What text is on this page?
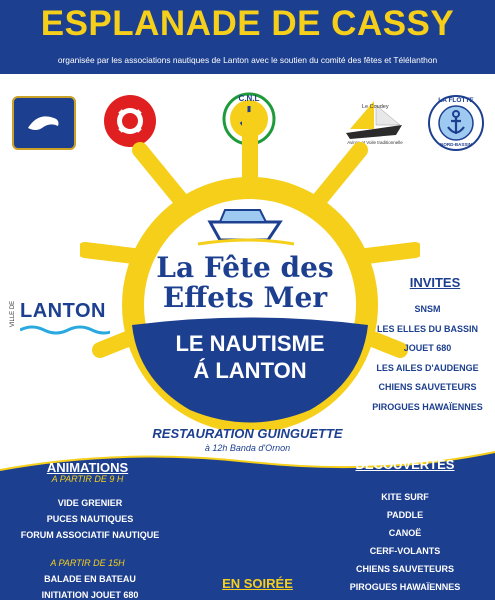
ESPLANADE DE CASSY
organisée par les associations nautiques de Lanton avec le soutien du comité des fêtes et Télélanthon
C.N.L
Le Coudey
Aviron et Voile traditionnelle
LA FLOTTE
NORD-BASSIN
La Fête des
Effets Mer
LE NAUTISME
Á LANTON
VILLE DE LANTON
INVITES
SNSM
LES ELLES DU BASSIN
JOUET 680
LES AILES D'AUDENGE
CHIENS SAUVETEURS
PIROGUES HAWAÏENNES
RESTAURATION GUINGUETTE
à 12h Banda d'Ornon
ANIMATIONS
A PARTIR DE 9 H
VIDE GRENIER
PUCES NAUTIQUES
FORUM ASSOCIATIF NAUTIQUE
A PARTIR DE 15H
BALADE EN BATEAU
INITIATION JOUET 680
EN SOIRÉE
DÉCOUVERTES
KITE SURF
PADDLE
CANOË
CERF-VOLANTS
CHIENS SAUVETEURS
PIROGUES HAWAÏENNES
